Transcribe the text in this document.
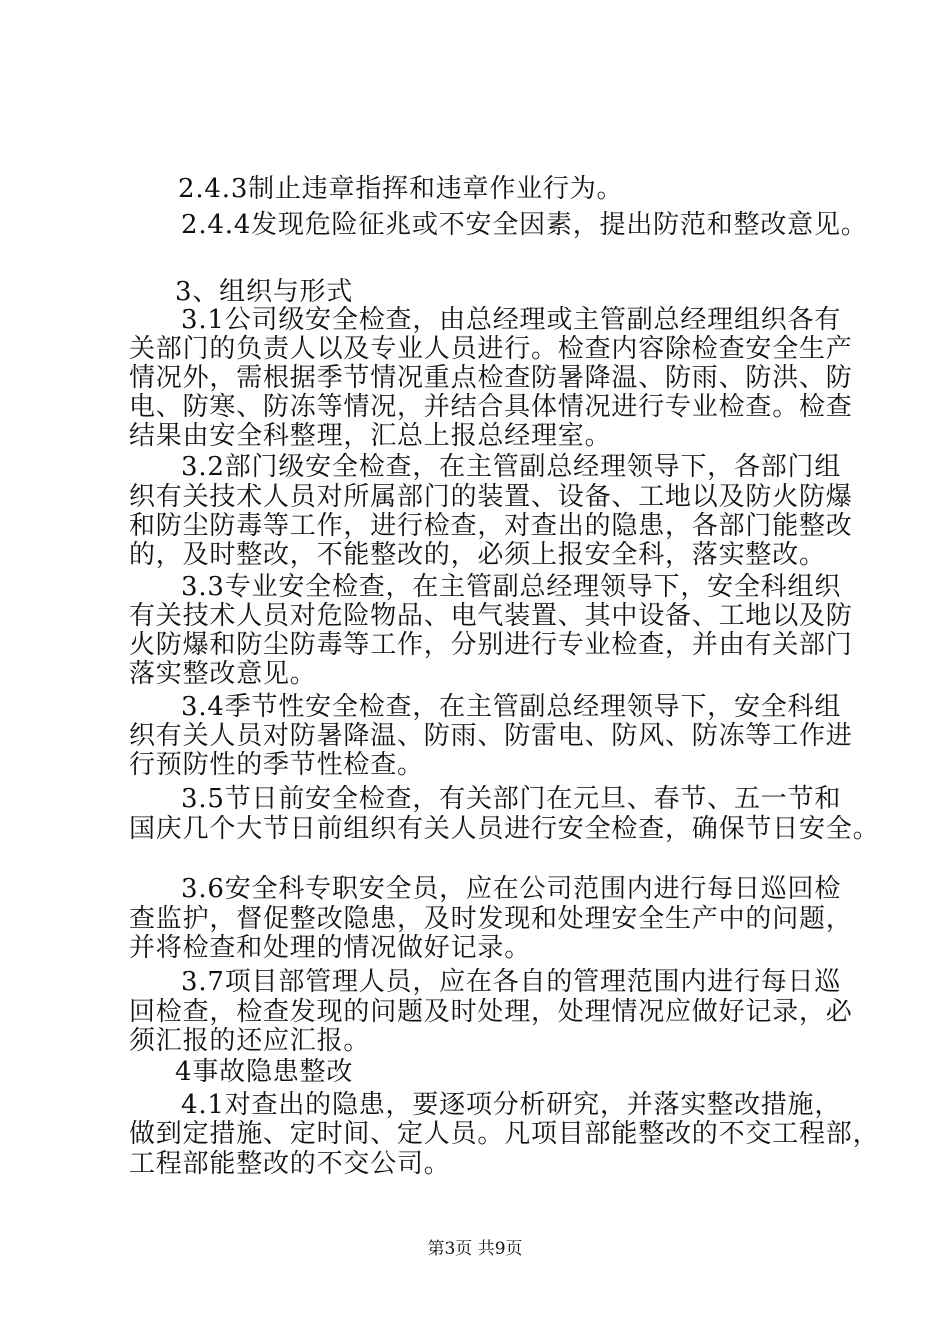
2.4.3制止违章指挥和违章作业行为。
2.4.4发现危险征兆或不安全因素，提出防范和整改意见。
3、组织与形式
3.1公司级安全检查，由总经理或主管副总经理组织各有
关部门的负责人以及专业人员进行。检查内容除检查安全生产
情况外，需根据季节情况重点检查防暑降温、防雨、防洪、防
电、防寒、防冻等情况，并结合具体情况进行专业检查。检查
结果由安全科整理，汇总上报总经理室。
3.2部门级安全检查，在主管副总经理领导下，各部门组
织有关技术人员对所属部门的装置、设备、工地以及防火防爆
和防尘防毒等工作，进行检查，对查出的隐患，各部门能整改
的，及时整改，不能整改的，必须上报安全科，落实整改。
3.3专业安全检查，在主管副总经理领导下，安全科组织
有关技术人员对危险物品、电气装置、其中设备、工地以及防
火防爆和防尘防毒等工作，分别进行专业检查，并由有关部门
落实整改意见。
3.4季节性安全检查，在主管副总经理领导下，安全科组
织有关人员对防暑降温、防雨、防雷电、防风、防冻等工作进
行预防性的季节性检查。
3.5节日前安全检查，有关部门在元旦、春节、五一节和
国庆几个大节日前组织有关人员进行安全检查，确保节日安全。
3.6安全科专职安全员，应在公司范围内进行每日巡回检
查监护，督促整改隐患，及时发现和处理安全生产中的问题，
并将检查和处理的情况做好记录。
3.7项目部管理人员，应在各自的管理范围内进行每日巡
回检查，检查发现的问题及时处理，处理情况应做好记录，必
须汇报的还应汇报。
4事故隐患整改
4.1对查出的隐患，要逐项分析研究，并落实整改措施，
做到定措施、定时间、定人员。凡项目部能整改的不交工程部，
工程部能整改的不交公司。
第3页 共9页
